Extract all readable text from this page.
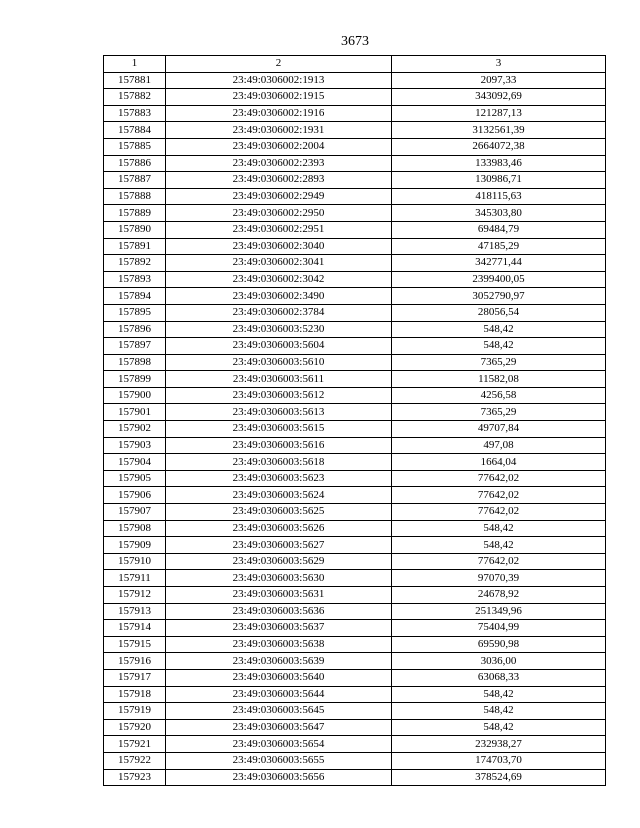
3673
1	2	3
157881	23:49:0306002:1913	2097,33
157882	23:49:0306002:1915	343092,69
157883	23:49:0306002:1916	121287,13
157884	23:49:0306002:1931	3132561,39
157885	23:49:0306002:2004	2664072,38
157886	23:49:0306002:2393	133983,46
157887	23:49:0306002:2893	130986,71
157888	23:49:0306002:2949	418115,63
157889	23:49:0306002:2950	345303,80
157890	23:49:0306002:2951	69484,79
157891	23:49:0306002:3040	47185,29
157892	23:49:0306002:3041	342771,44
157893	23:49:0306002:3042	2399400,05
157894	23:49:0306002:3490	3052790,97
157895	23:49:0306002:3784	28056,54
157896	23:49:0306003:5230	548,42
157897	23:49:0306003:5604	548,42
157898	23:49:0306003:5610	7365,29
157899	23:49:0306003:5611	11582,08
157900	23:49:0306003:5612	4256,58
157901	23:49:0306003:5613	7365,29
157902	23:49:0306003:5615	49707,84
157903	23:49:0306003:5616	497,08
157904	23:49:0306003:5618	1664,04
157905	23:49:0306003:5623	77642,02
157906	23:49:0306003:5624	77642,02
157907	23:49:0306003:5625	77642,02
157908	23:49:0306003:5626	548,42
157909	23:49:0306003:5627	548,42
157910	23:49:0306003:5629	77642,02
157911	23:49:0306003:5630	97070,39
157912	23:49:0306003:5631	24678,92
157913	23:49:0306003:5636	251349,96
157914	23:49:0306003:5637	75404,99
157915	23:49:0306003:5638	69590,98
157916	23:49:0306003:5639	3036,00
157917	23:49:0306003:5640	63068,33
157918	23:49:0306003:5644	548,42
157919	23:49:0306003:5645	548,42
157920	23:49:0306003:5647	548,42
157921	23:49:0306003:5654	232938,27
157922	23:49:0306003:5655	174703,70
157923	23:49:0306003:5656	378524,69
